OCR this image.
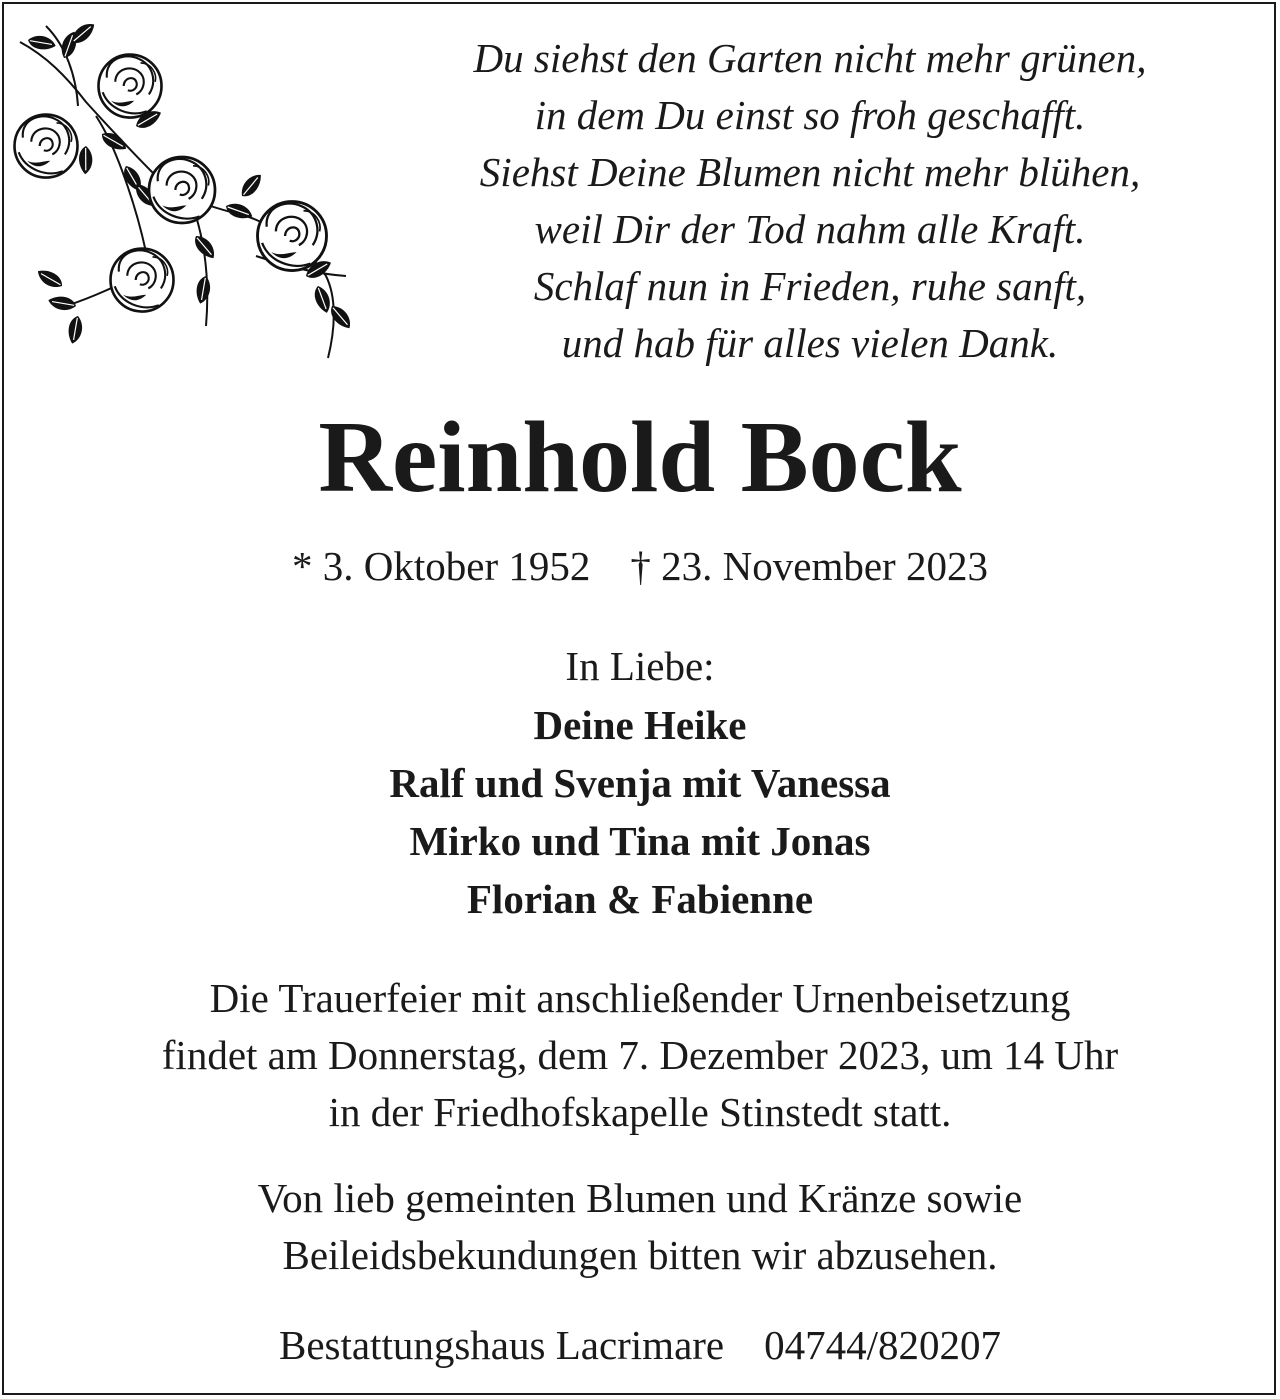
Du siehst den Garten nicht mehr grünen,
in dem Du einst so froh geschafft.
Siehst Deine Blumen nicht mehr blühen,
weil Dir der Tod nahm alle Kraft.
Schlaf nun in Frieden, ruhe sanft,
und hab für alles vielen Dank.
Reinhold Bock
* 3. Oktober 1952 † 23. November 2023
In Liebe:
Deine Heike
Ralf und Svenja mit Vanessa
Mirko und Tina mit Jonas
Florian & Fabienne
Die Trauerfeier mit anschließender Urnenbeisetzung
findet am Donnerstag, dem 7. Dezember 2023, um 14 Uhr
in der Friedhofskapelle Stinstedt statt.
Von lieb gemeinten Blumen und Kränze sowie
Beileidsbekundungen bitten wir abzusehen.
Bestattungshaus Lacrimare 04744/820207
